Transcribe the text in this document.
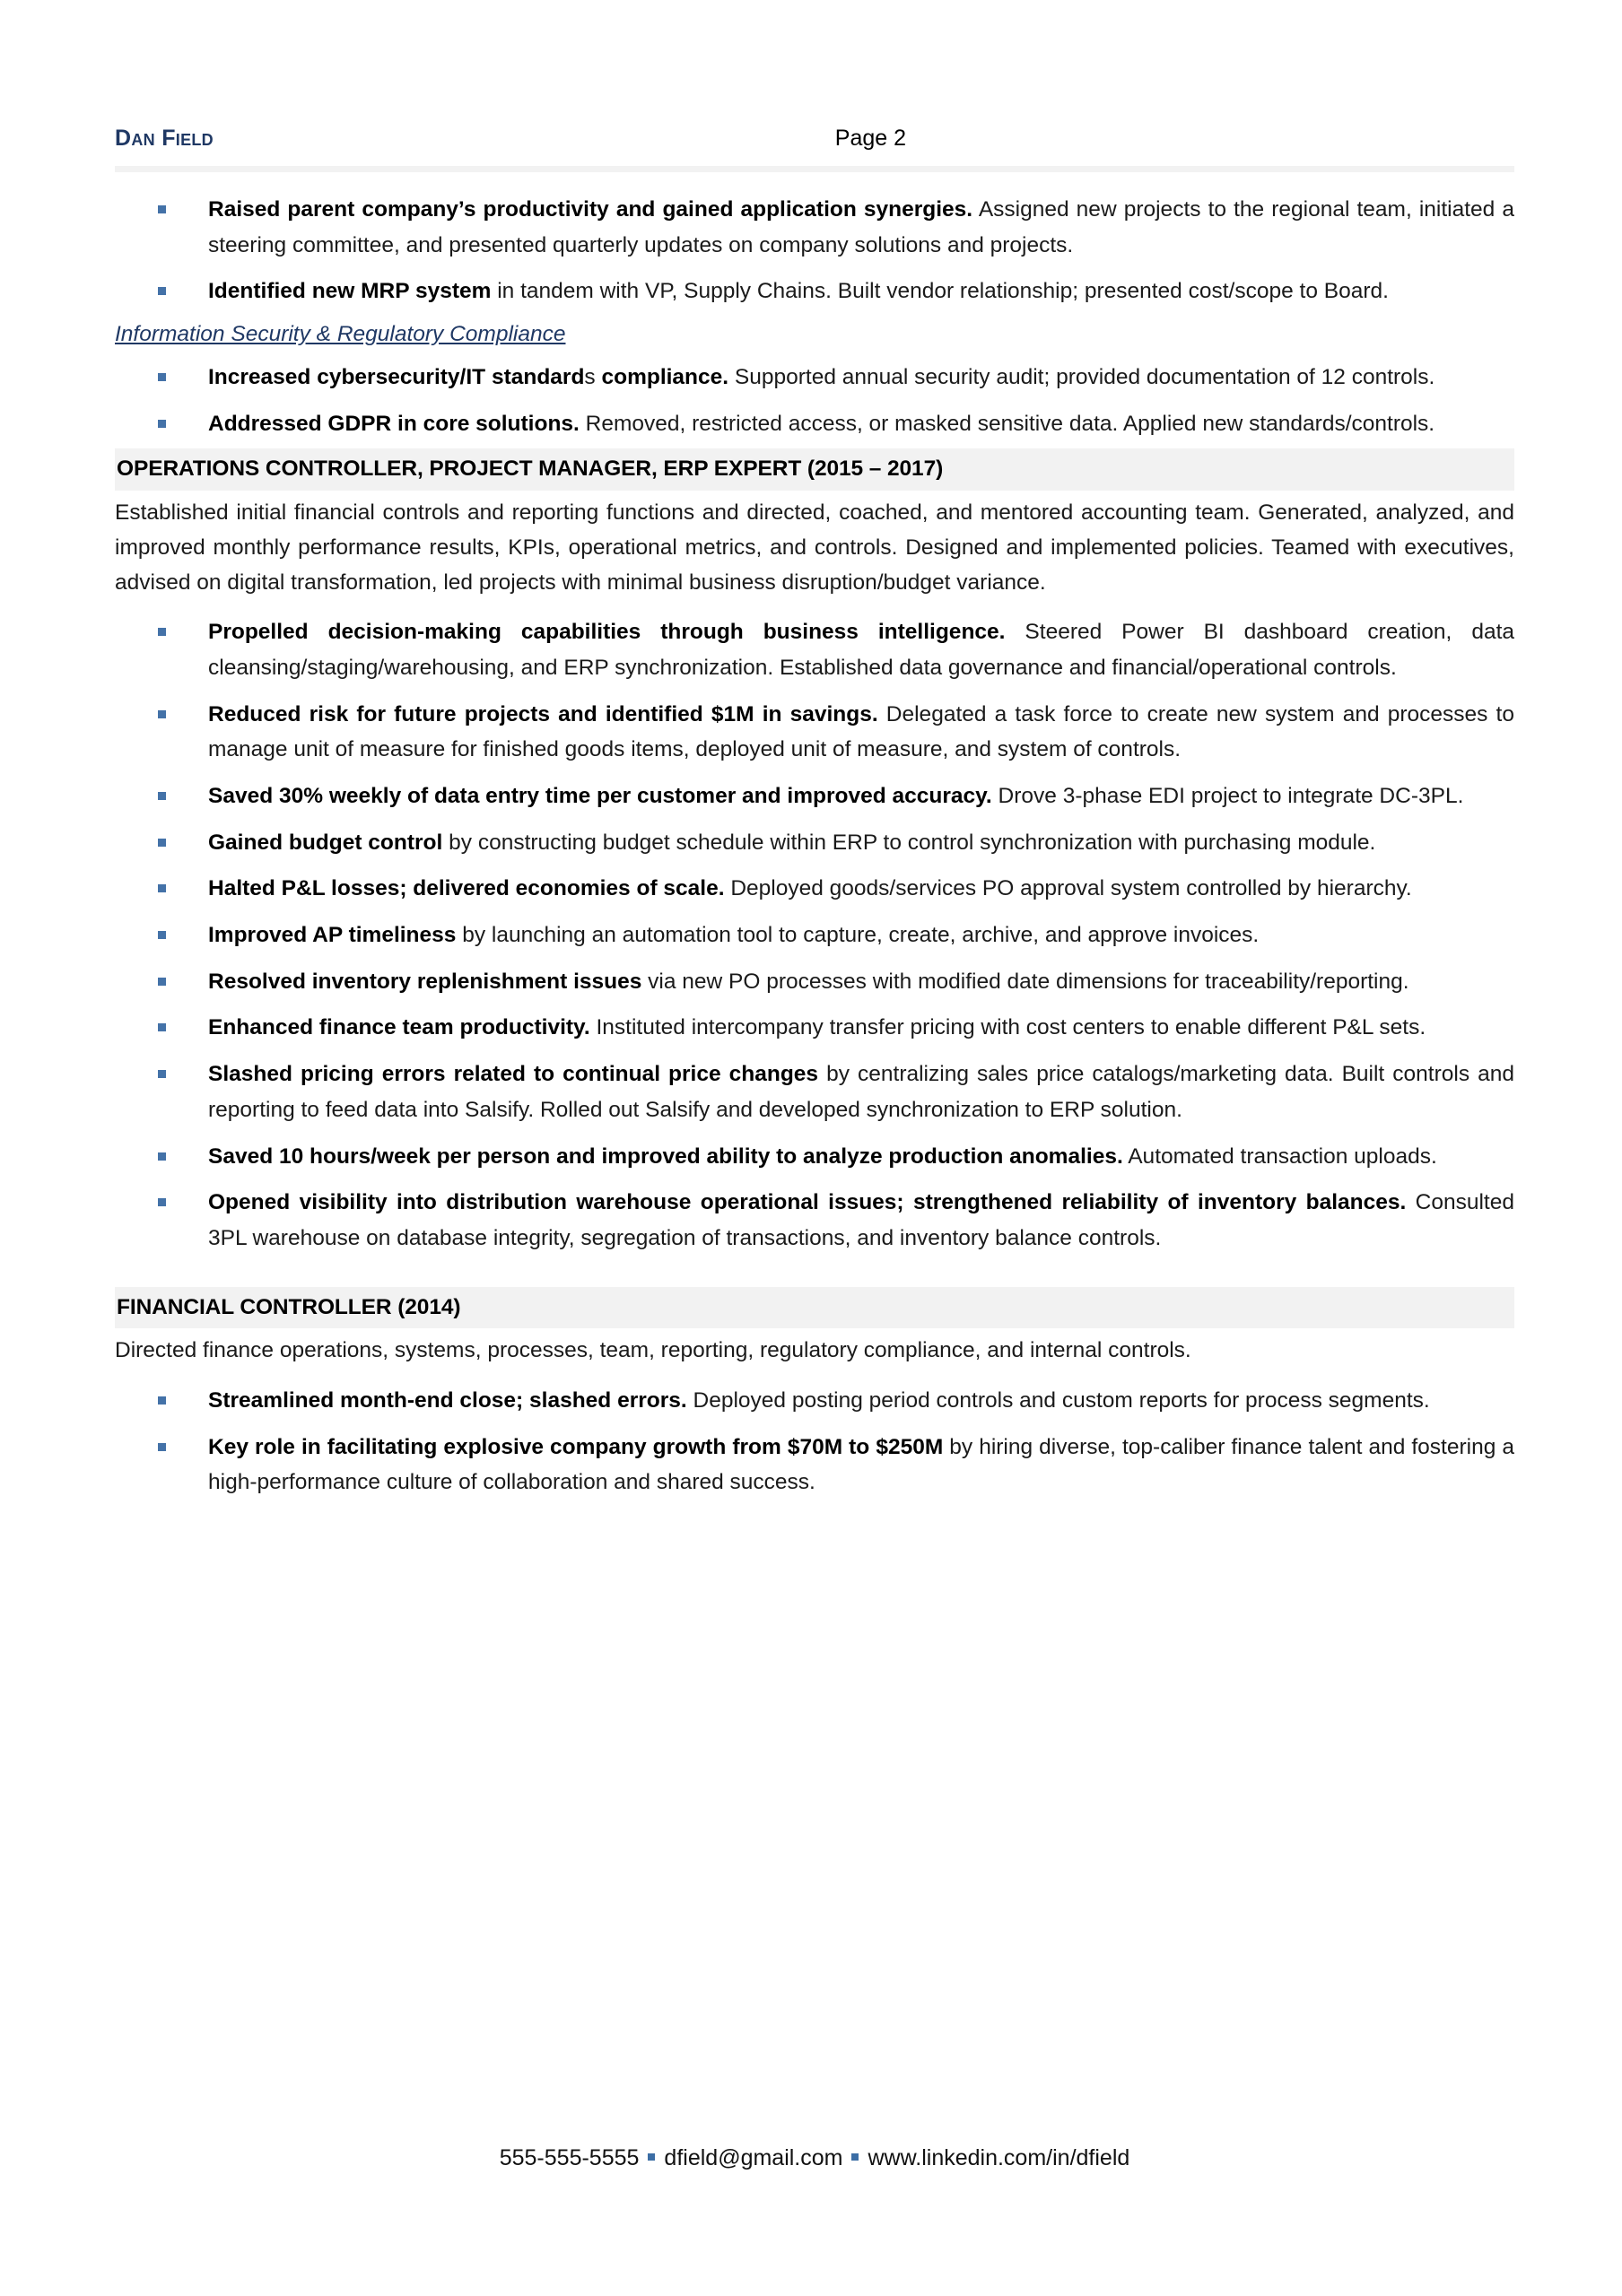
Dan Field	Page 2
Raised parent company’s productivity and gained application synergies. Assigned new projects to the regional team, initiated a steering committee, and presented quarterly updates on company solutions and projects.
Identified new MRP system in tandem with VP, Supply Chains. Built vendor relationship; presented cost/scope to Board.
Information Security & Regulatory Compliance
Increased cybersecurity/IT standards compliance. Supported annual security audit; provided documentation of 12 controls.
Addressed GDPR in core solutions. Removed, restricted access, or masked sensitive data. Applied new standards/controls.
OPERATIONS CONTROLLER, PROJECT MANAGER, ERP EXPERT (2015 – 2017)
Established initial financial controls and reporting functions and directed, coached, and mentored accounting team. Generated, analyzed, and improved monthly performance results, KPIs, operational metrics, and controls. Designed and implemented policies. Teamed with executives, advised on digital transformation, led projects with minimal business disruption/budget variance.
Propelled decision-making capabilities through business intelligence. Steered Power BI dashboard creation, data cleansing/staging/warehousing, and ERP synchronization. Established data governance and financial/operational controls.
Reduced risk for future projects and identified $1M in savings. Delegated a task force to create new system and processes to manage unit of measure for finished goods items, deployed unit of measure, and system of controls.
Saved 30% weekly of data entry time per customer and improved accuracy. Drove 3-phase EDI project to integrate DC-3PL.
Gained budget control by constructing budget schedule within ERP to control synchronization with purchasing module.
Halted P&L losses; delivered economies of scale. Deployed goods/services PO approval system controlled by hierarchy.
Improved AP timeliness by launching an automation tool to capture, create, archive, and approve invoices.
Resolved inventory replenishment issues via new PO processes with modified date dimensions for traceability/reporting.
Enhanced finance team productivity. Instituted intercompany transfer pricing with cost centers to enable different P&L sets.
Slashed pricing errors related to continual price changes by centralizing sales price catalogs/marketing data. Built controls and reporting to feed data into Salsify. Rolled out Salsify and developed synchronization to ERP solution.
Saved 10 hours/week per person and improved ability to analyze production anomalies. Automated transaction uploads.
Opened visibility into distribution warehouse operational issues; strengthened reliability of inventory balances. Consulted 3PL warehouse on database integrity, segregation of transactions, and inventory balance controls.
FINANCIAL CONTROLLER (2014)
Directed finance operations, systems, processes, team, reporting, regulatory compliance, and internal controls.
Streamlined month-end close; slashed errors. Deployed posting period controls and custom reports for process segments.
Key role in facilitating explosive company growth from $70M to $250M by hiring diverse, top-caliber finance talent and fostering a high-performance culture of collaboration and shared success.
555-555-5555 dfield@gmail.com www.linkedin.com/in/dfield
